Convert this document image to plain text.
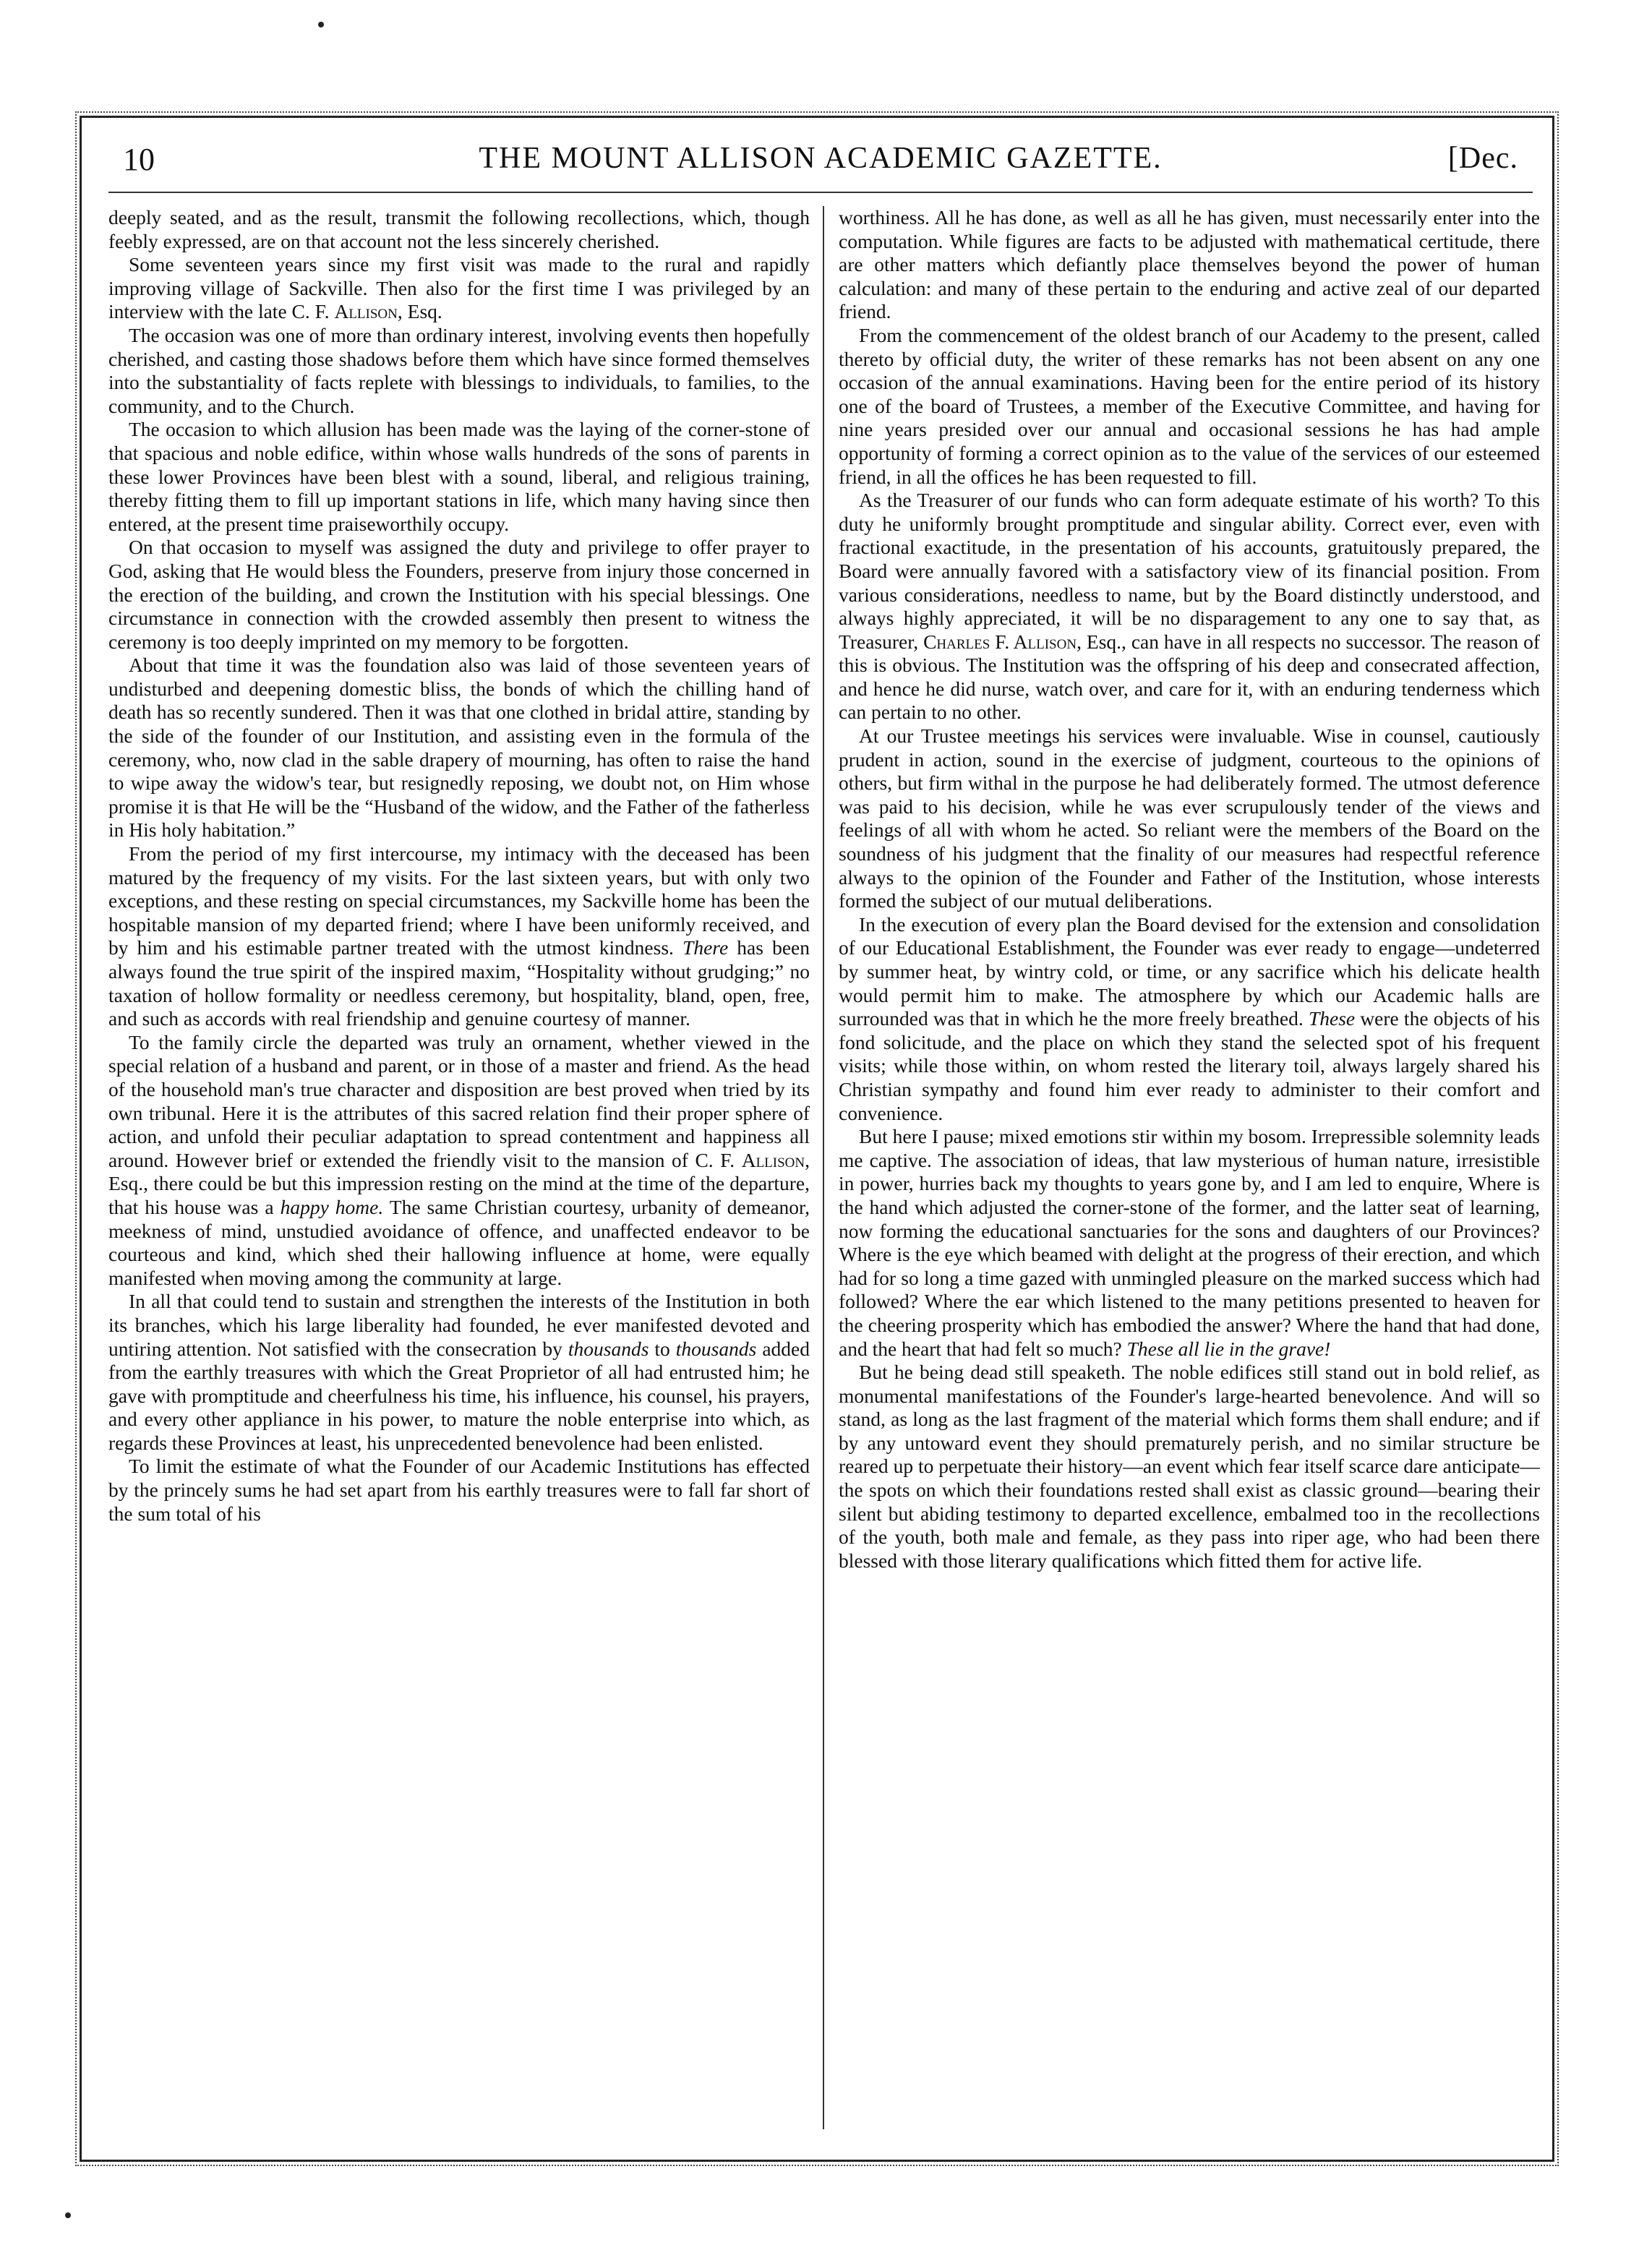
10	THE MOUNT ALLISON ACADEMIC GAZETTE.	[Dec.

deeply seated, and as the result, transmit the following recollections, which, though feebly expressed, are on that account not the less sincerely cherished.

Some seventeen years since my first visit was made to the rural and rapidly improving village of Sackville. Then also for the first time I was privileged by an interview with the late C. F. Allison, Esq.

The occasion was one of more than ordinary interest, involving events then hopefully cherished, and casting those shadows before them which have since formed themselves into the substantiality of facts replete with blessings to individuals, to families, to the community, and to the Church.

The occasion to which allusion has been made was the laying of the corner-stone of that spacious and noble edifice, within whose walls hundreds of the sons of parents in these lower Provinces have been blest with a sound, liberal, and religious training, thereby fitting them to fill up important stations in life, which many having since then entered, at the present time praiseworthily occupy.

On that occasion to myself was assigned the duty and privilege to offer prayer to God, asking that He would bless the Founders, preserve from injury those concerned in the erection of the building, and crown the Institution with his special blessings. One circumstance in connection with the crowded assembly then present to witness the ceremony is too deeply imprinted on my memory to be forgotten.

About that time it was the foundation also was laid of those seventeen years of undisturbed and deepening domestic bliss, the bonds of which the chilling hand of death has so recently sundered. Then it was that one clothed in bridal attire, standing by the side of the founder of our Institution, and assisting even in the formula of the ceremony, who, now clad in the sable drapery of mourning, has often to raise the hand to wipe away the widow's tear, but resignedly reposing, we doubt not, on Him whose promise it is that He will be the “Husband of the widow, and the Father of the fatherless in His holy habitation.”

From the period of my first intercourse, my intimacy with the deceased has been matured by the frequency of my visits. For the last sixteen years, but with only two exceptions, and these resting on special circumstances, my Sackville home has been the hospitable mansion of my departed friend; where I have been uniformly received, and by him and his estimable partner treated with the utmost kindness. There has been always found the true spirit of the inspired maxim, “Hospitality without grudging;” no taxation of hollow formality or needless ceremony, but hospitality, bland, open, free, and such as accords with real friendship and genuine courtesy of manner.

To the family circle the departed was truly an ornament, whether viewed in the special relation of a husband and parent, or in those of a master and friend. As the head of the household man's true character and disposition are best proved when tried by its own tribunal. Here it is the attributes of this sacred relation find their proper sphere of action, and unfold their peculiar adaptation to spread contentment and happiness all around. However brief or extended the friendly visit to the mansion of C. F. Allison, Esq., there could be but this impression resting on the mind at the time of the departure, that his house was a happy home. The same Christian courtesy, urbanity of demeanor, meekness of mind, unstudied avoidance of offence, and unaffected endeavor to be courteous and kind, which shed their hallowing influence at home, were equally manifested when moving among the community at large.

In all that could tend to sustain and strengthen the interests of the Institution in both its branches, which his large liberality had founded, he ever manifested devoted and untiring attention. Not satisfied with the consecration by thousands to thousands added from the earthly treasures with which the Great Proprietor of all had entrusted him; he gave with promptitude and cheerfulness his time, his influence, his counsel, his prayers, and every other appliance in his power, to mature the noble enterprise into which, as regards these Provinces at least, his unprecedented benevolence had been enlisted.

To limit the estimate of what the Founder of our Academic Institutions has effected by the princely sums he had set apart from his earthly treasures were to fall far short of the sum total of his

worthiness. All he has done, as well as all he has given, must necessarily enter into the computation. While figures are facts to be adjusted with mathematical certitude, there are other matters which defiantly place themselves beyond the power of human calculation: and many of these pertain to the enduring and active zeal of our departed friend.

From the commencement of the oldest branch of our Academy to the present, called thereto by official duty, the writer of these remarks has not been absent on any one occasion of the annual examinations. Having been for the entire period of its history one of the board of Trustees, a member of the Executive Committee, and having for nine years presided over our annual and occasional sessions he has had ample opportunity of forming a correct opinion as to the value of the services of our esteemed friend, in all the offices he has been requested to fill.

As the Treasurer of our funds who can form adequate estimate of his worth? To this duty he uniformly brought promptitude and singular ability. Correct ever, even with fractional exactitude, in the presentation of his accounts, gratuitously prepared, the Board were annually favored with a satisfactory view of its financial position. From various considerations, needless to name, but by the Board distinctly understood, and always highly appreciated, it will be no disparagement to any one to say that, as Treasurer, Charles F. Allison, Esq., can have in all respects no successor. The reason of this is obvious. The Institution was the offspring of his deep and consecrated affection, and hence he did nurse, watch over, and care for it, with an enduring tenderness which can pertain to no other.

At our Trustee meetings his services were invaluable. Wise in counsel, cautiously prudent in action, sound in the exercise of judgment, courteous to the opinions of others, but firm withal in the purpose he had deliberately formed. The utmost deference was paid to his decision, while he was ever scrupulously tender of the views and feelings of all with whom he acted. So reliant were the members of the Board on the soundness of his judgment that the finality of our measures had respectful reference always to the opinion of the Founder and Father of the Institution, whose interests formed the subject of our mutual deliberations.

In the execution of every plan the Board devised for the extension and consolidation of our Educational Establishment, the Founder was ever ready to engage—undeterred by summer heat, by wintry cold, or time, or any sacrifice which his delicate health would permit him to make. The atmosphere by which our Academic halls are surrounded was that in which he the more freely breathed. These were the objects of his fond solicitude, and the place on which they stand the selected spot of his frequent visits; while those within, on whom rested the literary toil, always largely shared his Christian sympathy and found him ever ready to administer to their comfort and convenience.

But here I pause; mixed emotions stir within my bosom. Irrepressible solemnity leads me captive. The association of ideas, that law mysterious of human nature, irresistible in power, hurries back my thoughts to years gone by, and I am led to enquire, Where is the hand which adjusted the corner-stone of the former, and the latter seat of learning, now forming the educational sanctuaries for the sons and daughters of our Provinces? Where is the eye which beamed with delight at the progress of their erection, and which had for so long a time gazed with unmingled pleasure on the marked success which had followed? Where the ear which listened to the many petitions presented to heaven for the cheering prosperity which has embodied the answer? Where the hand that had done, and the heart that had felt so much? These all lie in the grave!

But he being dead still speaketh. The noble edifices still stand out in bold relief, as monumental manifestations of the Founder's large-hearted benevolence. And will so stand, as long as the last fragment of the material which forms them shall endure; and if by any untoward event they should prematurely perish, and no similar structure be reared up to perpetuate their history—an event which fear itself scarce dare anticipate—the spots on which their foundations rested shall exist as classic ground—bearing their silent but abiding testimony to departed excellence, embalmed too in the recollections of the youth, both male and female, as they pass into riper age, who had been there blessed with those literary qualifications which fitted them for active life.
